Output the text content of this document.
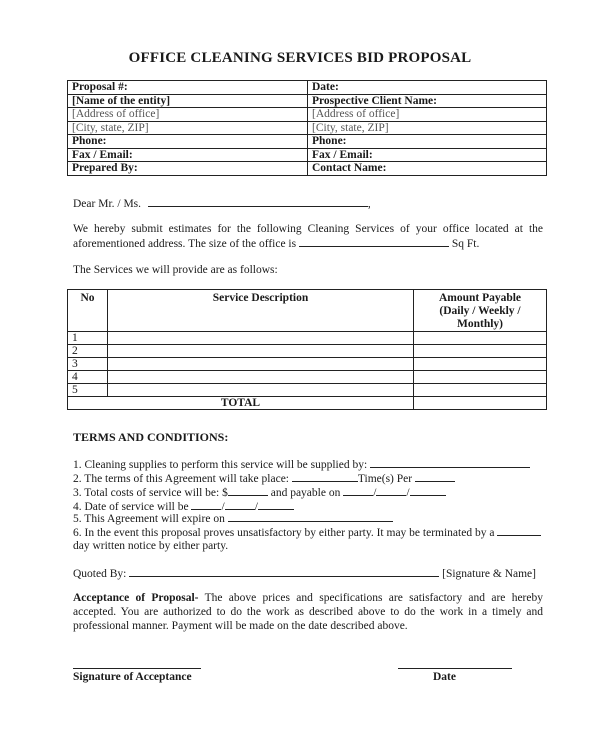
OFFICE CLEANING SERVICES BID PROPOSAL
Proposal #:	Date:
[Name of the entity]	Prospective Client Name:
[Address of office]	[Address of office]
[City, state, ZIP]	[City, state, ZIP]
Phone:	Phone:
Fax / Email:	Fax / Email:
Prepared By:	Contact Name:
Dear Mr. / Ms.	,
We hereby submit estimates for the following Cleaning Services of your office located at the
aforementioned address. The size of the office is	Sq Ft.
The Services we will provide are as follows:
No	Service Description	Amount Payable (Daily / Weekly / Monthly)
1		
2		
3		
4		
5		
TOTAL		
TERMS AND CONDITIONS:
1. Cleaning supplies to perform this service will be supplied by:
2. The terms of this Agreement will take place:	Time(s) Per
3. Total costs of service will be: $	and payable on	/	/
4. Date of service will be	/	/
5. This Agreement will expire on
6. In the event this proposal proves unsatisfactory by either party. It may be terminated by a
day written notice by either party.
Quoted By:	[Signature & Name]
Acceptance of Proposal- The above prices and specifications are satisfactory and are hereby
accepted. You are authorized to do the work as described above to do the work in a timely and
professional manner. Payment will be made on the date described above.
Signature of Acceptance	Date
